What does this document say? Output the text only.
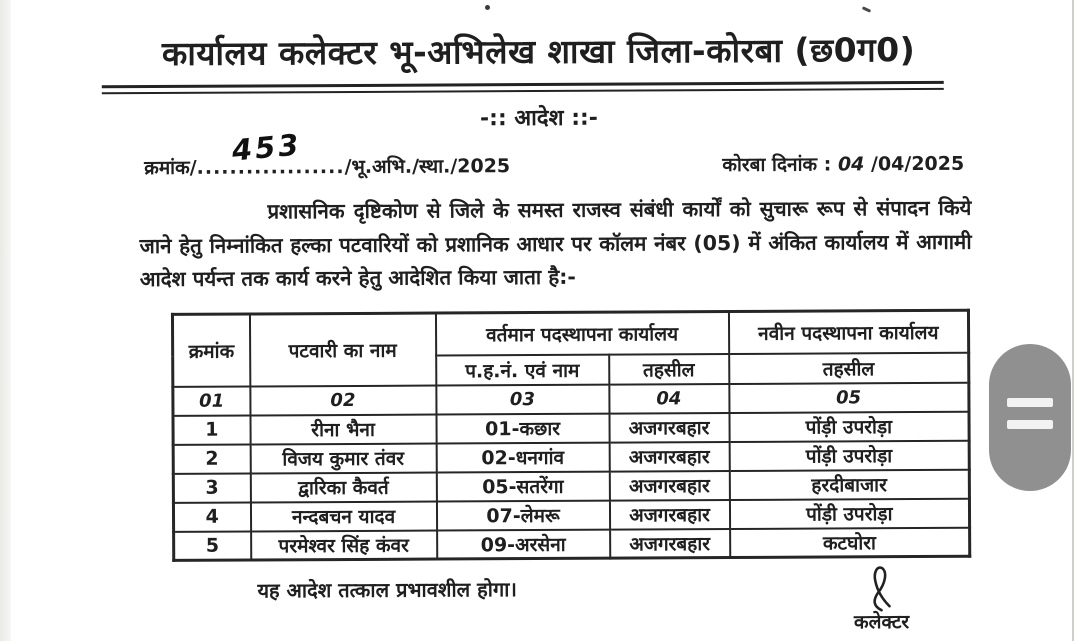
कार्यालय कलेक्टर भू-अभिलेख शाखा जिला-कोरबा (छ0ग0)
-:: आदेश ::-
क्रमांक/ ..................
453 /भू.अभि./स्था./2025	कोरबा दिनांक : 04 /04/2025
प्रशासनिक दृष्टिकोण से जिले के समस्त राजस्व संबंधी कार्यों को सुचारू रूप से संपादन किये जाने हेतु निम्नांकित हल्का पटवारियों को प्रशानिक आधार पर कॉलम नंबर (05) में अंकित कार्यालय में आगामी आदेश पर्यन्त तक कार्य करने हेतु आदेशित किया जाता है:-
क्रमांक	पटवारी का नाम	वर्तमान पदस्थापना कार्यालय		नवीन पदस्थापना कार्यालय
		प.ह.नं. एवं नाम	तहसील	तहसील
01	02	03	04	05
1	रीना भैना	01-कछार	अजगरबहार	पोंड़ी उपरोड़ा
2	विजय कुमार तंवर	02-धनगांव	अजगरबहार	पोंड़ी उपरोड़ा
3	द्वारिका कैवर्त	05-सतरेंगा	अजगरबहार	हरदीबाजार
4	नन्दबचन यादव	07-लेमरू	अजगरबहार	पोंड़ी उपरोड़ा
5	परमेश्वर सिंह कंवर	09-अरसेना	अजगरबहार	कटघोरा
यह आदेश तत्काल प्रभावशील होगा।
कलेक्टर
